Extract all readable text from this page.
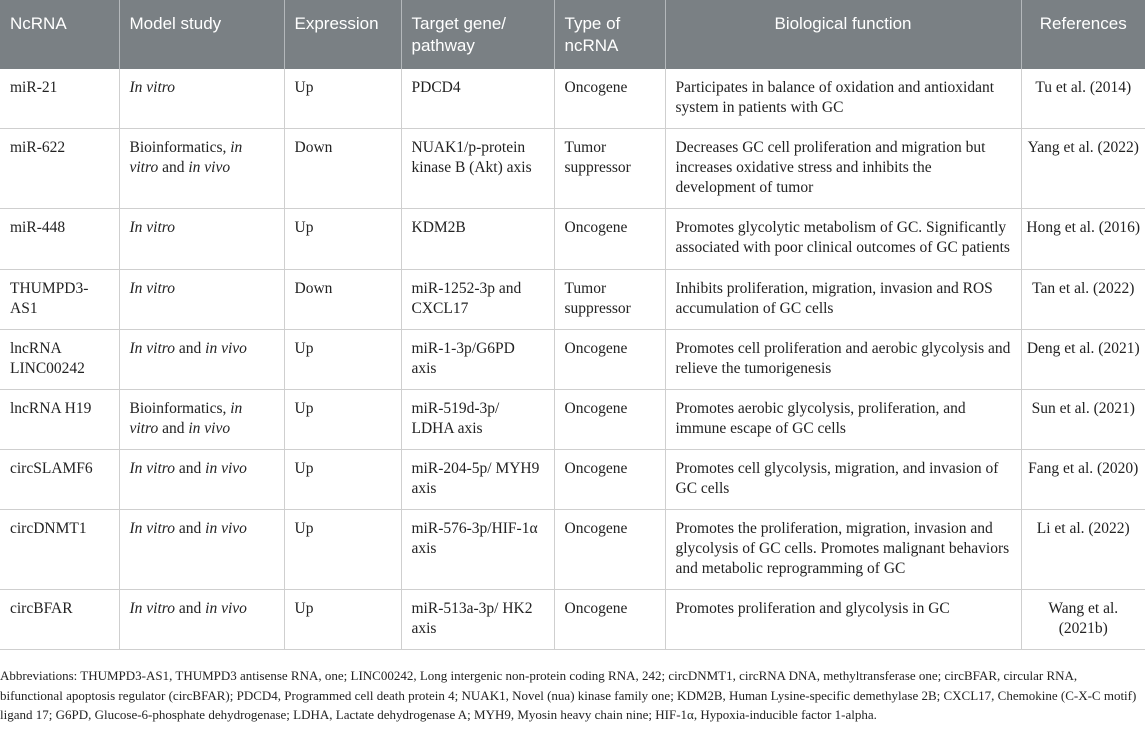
NcRNA	Model study	Expression	Target gene/ pathway	Type of ncRNA	Biological function	References
miR-21	In vitro	Up	PDCD4	Oncogene	Participates in balance of oxidation and antioxidant system in patients with GC	Tu et al. (2014)
miR-622	Bioinformatics, in vitro and in vivo	Down	NUAK1/p-protein kinase B (Akt) axis	Tumor suppressor	Decreases GC cell proliferation and migration but increases oxidative stress and inhibits the development of tumor	Yang et al. (2022)
miR-448	In vitro	Up	KDM2B	Oncogene	Promotes glycolytic metabolism of GC. Significantly associated with poor clinical outcomes of GC patients	Hong et al. (2016)
THUMPD3-AS1	In vitro	Down	miR-1252-3p and CXCL17	Tumor suppressor	Inhibits proliferation, migration, invasion and ROS accumulation of GC cells	Tan et al. (2022)
lncRNA LINC00242	In vitro and in vivo	Up	miR-1-3p/G6PD axis	Oncogene	Promotes cell proliferation and aerobic glycolysis and relieve the tumorigenesis	Deng et al. (2021)
lncRNA H19	Bioinformatics, in vitro and in vivo	Up	miR-519d-3p/ LDHA axis	Oncogene	Promotes aerobic glycolysis, proliferation, and immune escape of GC cells	Sun et al. (2021)
circSLAMF6	In vitro and in vivo	Up	miR-204-5p/ MYH9 axis	Oncogene	Promotes cell glycolysis, migration, and invasion of GC cells	Fang et al. (2020)
circDNMT1	In vitro and in vivo	Up	miR-576-3p/HIF-1α axis	Oncogene	Promotes the proliferation, migration, invasion and glycolysis of GC cells. Promotes malignant behaviors and metabolic reprogramming of GC	Li et al. (2022)
circBFAR	In vitro and in vivo	Up	miR-513a-3p/ HK2 axis	Oncogene	Promotes proliferation and glycolysis in GC	Wang et al. (2021b)

Abbreviations: THUMPD3-AS1, THUMPD3 antisense RNA, one; LINC00242, Long intergenic non-protein coding RNA, 242; circDNMT1, circRNA DNA, methyltransferase one; circBFAR, circular RNA, bifunctional apoptosis regulator (circBFAR); PDCD4, Programmed cell death protein 4; NUAK1, Novel (nua) kinase family one; KDM2B, Human Lysine-specific demethylase 2B; CXCL17, Chemokine (C-X-C motif) ligand 17; G6PD, Glucose-6-phosphate dehydrogenase; LDHA, Lactate dehydrogenase A; MYH9, Myosin heavy chain nine; HIF-1α, Hypoxia-inducible factor 1-alpha.
